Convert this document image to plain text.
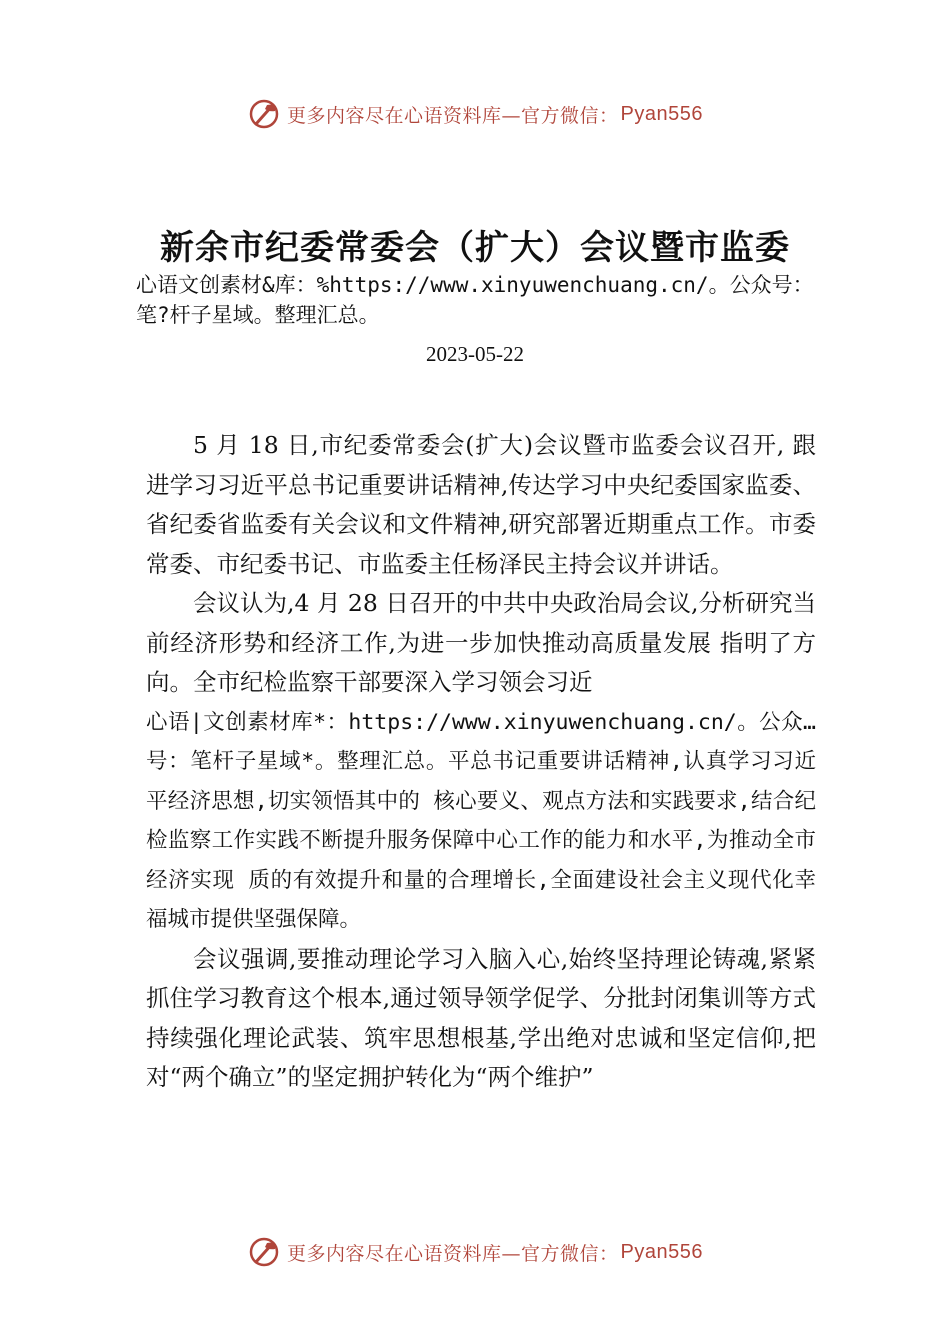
更多内容尽在心语资料库—官方微信： Pyan556
新余市纪委常委会（扩大）会议暨市监委

心语文创素材&库：%https://www.xinyuwenchuang.cn/。公众号：笔?杆子星域。整理汇总。

2023-05-22

5 月 18 日,市纪委常委会(扩大)会议暨市监委会议召开, 跟进学习习近平总书记重要讲话精神,传达学习中央纪委国家监委、省纪委省监委有关会议和文件精神,研究部署近期重点工作。市委常委、市纪委书记、市监委主任杨泽民主持会议并讲话。

会议认为,4 月 28 日召开的中共中央政治局会议,分析研究当前经济形势和经济工作,为进一步加快推动高质量发展 指明了方向。全市纪检监察干部要深入学习领会习近

心语|文创素材库*：https://www.xinyuwenchuang.cn/。公众…号：笔杆子星域*。整理汇总。平总书记重要讲话精神,认真学习习近平经济思想,切实领悟其中的 核心要义、观点方法和实践要求,结合纪检监察工作实践不断提升服务保障中心工作的能力和水平,为推动全市经济实现 质的有效提升和量的合理增长,全面建设社会主义现代化幸 福城市提供坚强保障。

会议强调,要推动理论学习入脑入心,始终坚持理论铸魂,紧紧抓住学习教育这个根本,通过领导领学促学、分批封闭集训等方式持续强化理论武装、筑牢思想根基,学出绝对忠诚和坚定信仰,把对“两个确立”的坚定拥护转化为“两个维护”

更多内容尽在心语资料库—官方微信： Pyan556
